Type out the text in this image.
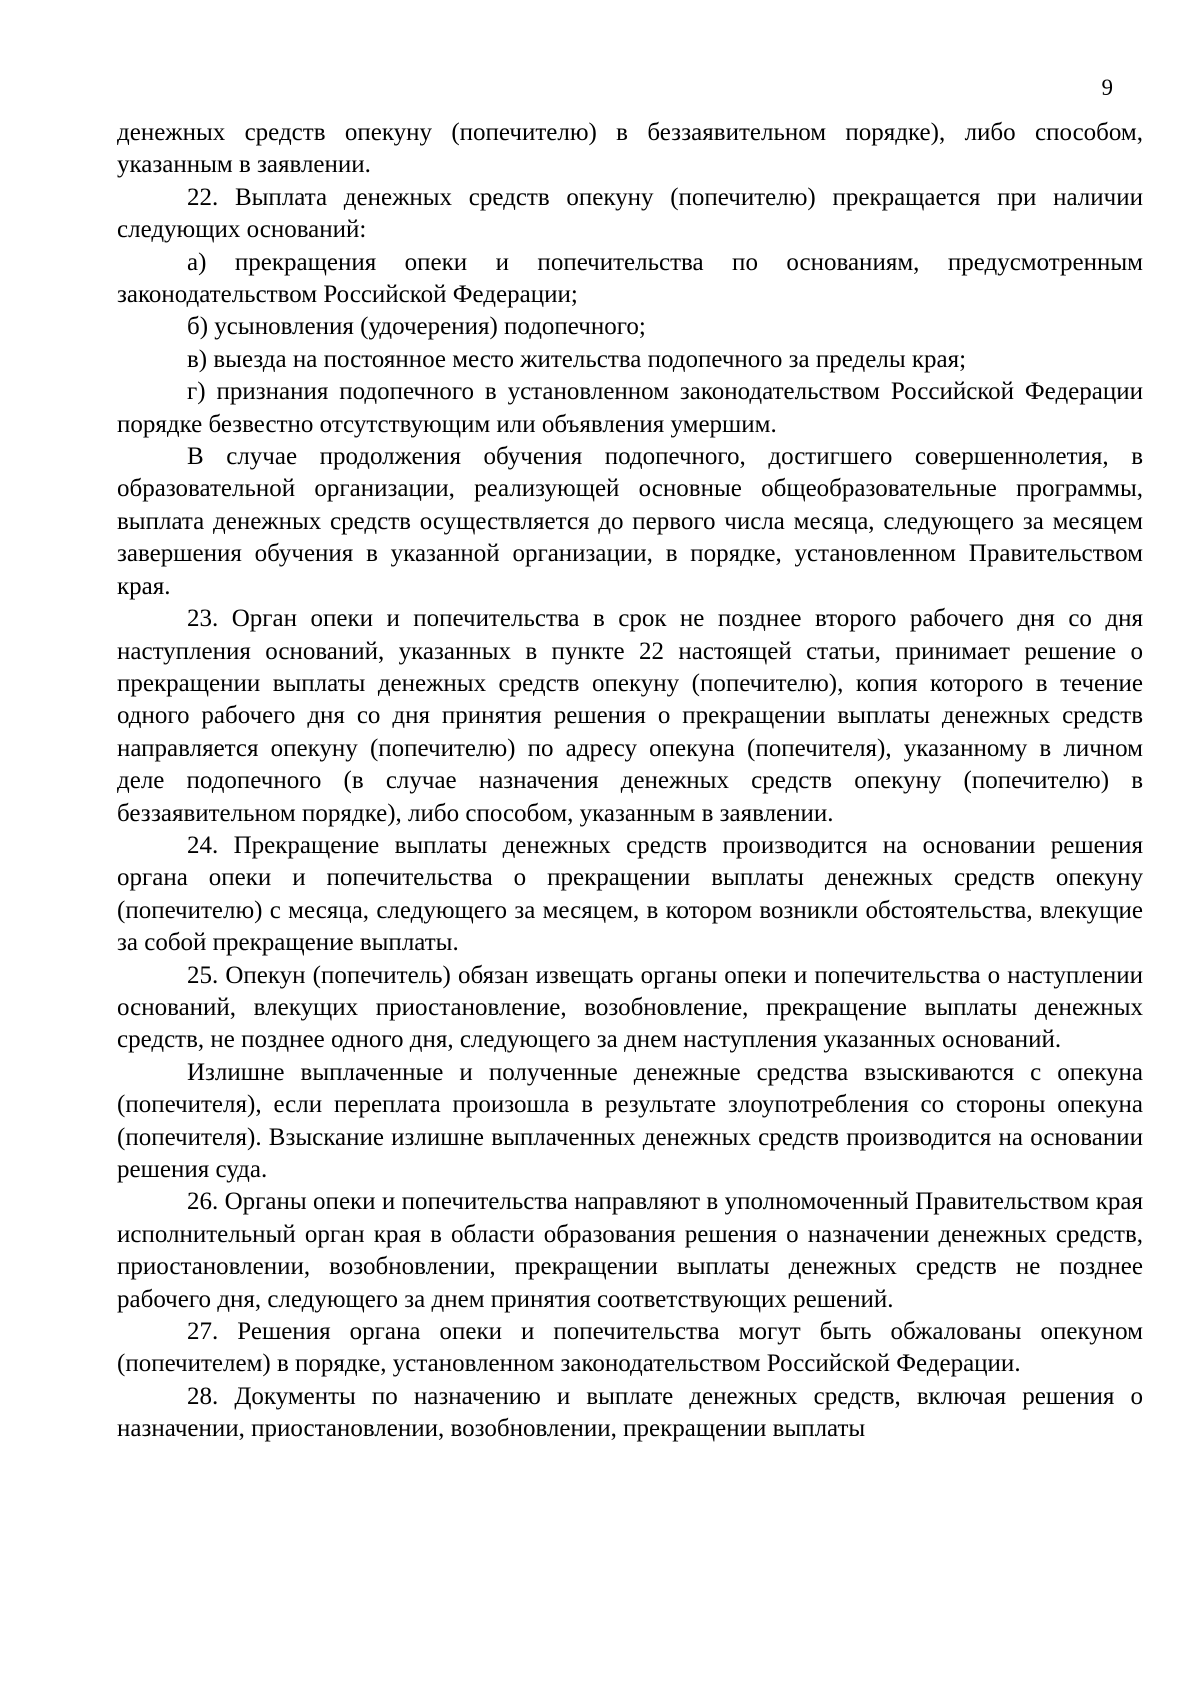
9

денежных средств опекуну (попечителю) в беззаявительном порядке), либо способом, указанным в заявлении.

22. Выплата денежных средств опекуну (попечителю) прекращается при наличии следующих оснований:

а) прекращения опеки и попечительства по основаниям, предусмотренным законодательством Российской Федерации;

б) усыновления (удочерения) подопечного;

в) выезда на постоянное место жительства подопечного за пределы края;

г) признания подопечного в установленном законодательством Российской Федерации порядке безвестно отсутствующим или объявления умершим.

В случае продолжения обучения подопечного, достигшего совершеннолетия, в образовательной организации, реализующей основные общеобразовательные программы, выплата денежных средств осуществляется до первого числа месяца, следующего за месяцем завершения обучения в указанной организации, в порядке, установленном Правительством края.

23. Орган опеки и попечительства в срок не позднее второго рабочего дня со дня наступления оснований, указанных в пункте 22 настоящей статьи, принимает решение о прекращении выплаты денежных средств опекуну (попечителю), копия которого в течение одного рабочего дня со дня принятия решения о прекращении выплаты денежных средств направляется опекуну (попечителю) по адресу опекуна (попечителя), указанному в личном деле подопечного (в случае назначения денежных средств опекуну (попечителю) в беззаявительном порядке), либо способом, указанным в заявлении.

24. Прекращение выплаты денежных средств производится на основании решения органа опеки и попечительства о прекращении выплаты денежных средств опекуну (попечителю) с месяца, следующего за месяцем, в котором возникли обстоятельства, влекущие за собой прекращение выплаты.

25. Опекун (попечитель) обязан извещать органы опеки и попечительства о наступлении оснований, влекущих приостановление, возобновление, прекращение выплаты денежных средств, не позднее одного дня, следующего за днем наступления указанных оснований.

Излишне выплаченные и полученные денежные средства взыскиваются с опекуна (попечителя), если переплата произошла в результате злоупотребления со стороны опекуна (попечителя). Взыскание излишне выплаченных денежных средств производится на основании решения суда.

26. Органы опеки и попечительства направляют в уполномоченный Правительством края исполнительный орган края в области образования решения о назначении денежных средств, приостановлении, возобновлении, прекращении выплаты денежных средств не позднее рабочего дня, следующего за днем принятия соответствующих решений.

27. Решения органа опеки и попечительства могут быть обжалованы опекуном (попечителем) в порядке, установленном законодательством Российской Федерации.

28. Документы по назначению и выплате денежных средств, включая решения о назначении, приостановлении, возобновлении, прекращении выплаты
